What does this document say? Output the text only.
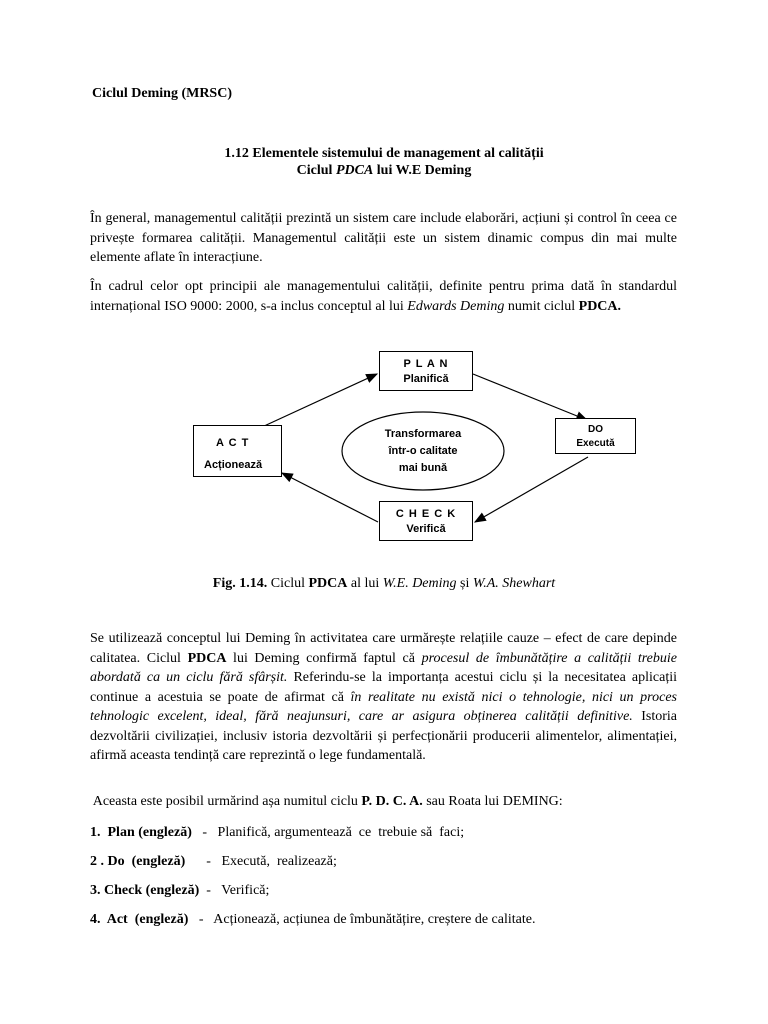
Ciclul Deming (MRSC)
1.12 Elementele sistemului de management al calității
Ciclul PDCA lui W.E Deming
În general, managementul calității prezintă un sistem care include elaborări, acțiuni și control în ceea ce privește formarea calității. Managementul calității este un sistem dinamic compus din mai multe elemente aflate în interacțiune.
În cadrul celor opt principii ale managementului calității, definite pentru prima dată în standardul internațional ISO 9000: 2000, s-a inclus conceptul al lui Edwards Deming numit ciclul PDCA.
P L A N
Planifică
DO
Execută
A C T
Acționează
C H E C K
Verifică
Transformarea
într-o calitate
mai bună
Fig. 1.14. Ciclul PDCA al lui W.E. Deming și W.A. Shewhart
Se utilizează conceptul lui Deming în activitatea care urmărește relațiile cauze – efect de care depinde calitatea. Ciclul PDCA lui Deming confirmă faptul că procesul de îmbunătățire a calității trebuie abordată ca un ciclu fără sfârșit. Referindu-se la importanța acestui ciclu și la necesitatea aplicații continue a acestuia se poate de afirmat că în realitate nu există nici o tehnologie, nici un proces tehnologic excelent, ideal, fără neajunsuri, care ar asigura obținerea calității definitive. Istoria dezvoltării civilizației, inclusiv istoria dezvoltării și perfecționării producerii alimentelor, alimentației, afirmă aceasta tendință care reprezintă o lege fundamentală.
Aceasta este posibil urmărind așa numitul ciclu P. D. C. A. sau Roata lui DEMING:
1.  Plan (engleză)   -   Planifică, argumentează  ce  trebuie să  faci;
2 . Do  (engleză)      -   Execută,  realizează;
3. Check (engleză)  -   Verifică;
4.  Act  (engleză)   -   Acționează, acțiunea de îmbunătățire, creștere de calitate.
